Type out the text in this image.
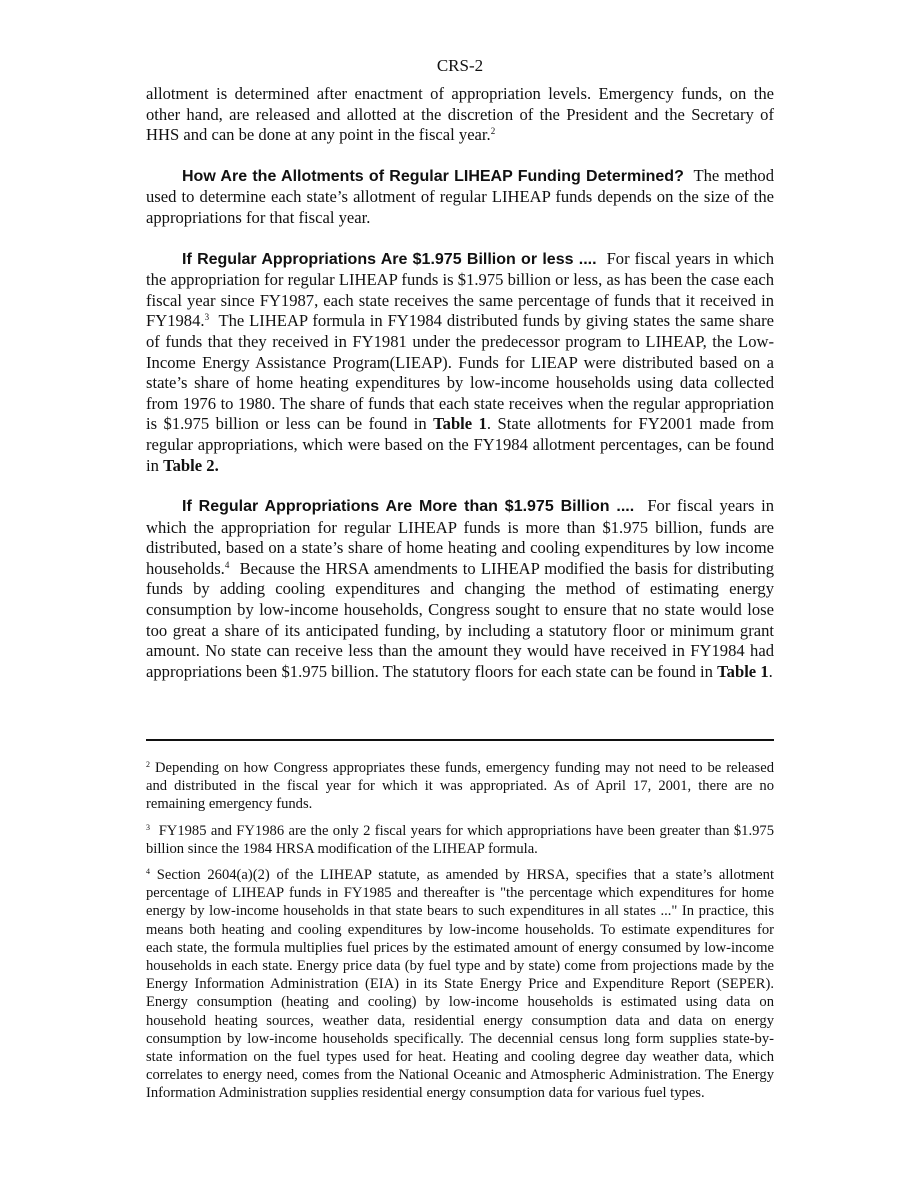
CRS-2

allotment is determined after enactment of appropriation levels. Emergency funds, on the other hand, are released and allotted at the discretion of the President and the Secretary of HHS and can be done at any point in the fiscal year.$^2$

How Are the Allotments of Regular LIHEAP Funding Determined? The method used to determine each state’s allotment of regular LIHEAP funds depends on the size of the appropriations for that fiscal year.

If Regular Appropriations Are $1.975 Billion or less .... For fiscal years in which the appropriation for regular LIHEAP funds is $1.975 billion or less, as has been the case each fiscal year since FY1987, each state receives the same percentage of funds that it received in FY1984.$^3$ The LIHEAP formula in FY1984 distributed funds by giving states the same share of funds that they received in FY1981 under the predecessor program to LIHEAP, the Low-Income Energy Assistance Program(LIEAP). Funds for LIEAP were distributed based on a state’s share of home heating expenditures by low-income households using data collected from 1976 to 1980. The share of funds that each state receives when the regular appropriation is $1.975 billion or less can be found in Table 1. State allotments for FY2001 made from regular appropriations, which were based on the FY1984 allotment percentages, can be found in Table 2.

If Regular Appropriations Are More than $1.975 Billion .... For fiscal years in which the appropriation for regular LIHEAP funds is more than $1.975 billion, funds are distributed, based on a state’s share of home heating and cooling expenditures by low income households.$^4$ Because the HRSA amendments to LIHEAP modified the basis for distributing funds by adding cooling expenditures and changing the method of estimating energy consumption by low-income households, Congress sought to ensure that no state would lose too great a share of its anticipated funding, by including a statutory floor or minimum grant amount. No state can receive less than the amount they would have received in FY1984 had appropriations been $1.975 billion. The statutory floors for each state can be found in Table 1.

$^2$ Depending on how Congress appropriates these funds, emergency funding may not need to be released and distributed in the fiscal year for which it was appropriated. As of April 17, 2001, there are no remaining emergency funds.

$^3$ FY1985 and FY1986 are the only 2 fiscal years for which appropriations have been greater than $1.975 billion since the 1984 HRSA modification of the LIHEAP formula.

$^4$ Section 2604(a)(2) of the LIHEAP statute, as amended by HRSA, specifies that a state’s allotment percentage of LIHEAP funds in FY1985 and thereafter is "the percentage which expenditures for home energy by low-income households in that state bears to such expenditures in all states ..." In practice, this means both heating and cooling expenditures by low-income households. To estimate expenditures for each state, the formula multiplies fuel prices by the estimated amount of energy consumed by low-income households in each state. Energy price data (by fuel type and by state) come from projections made by the Energy Information Administration (EIA) in its State Energy Price and Expenditure Report (SEPER). Energy consumption (heating and cooling) by low-income households is estimated using data on household heating sources, weather data, residential energy consumption data and data on energy consumption by low-income households specifically. The decennial census long form supplies state-by-state information on the fuel types used for heat. Heating and cooling degree day weather data, which correlates to energy need, comes from the National Oceanic and Atmospheric Administration. The Energy Information Administration supplies residential energy consumption data for various fuel types.
